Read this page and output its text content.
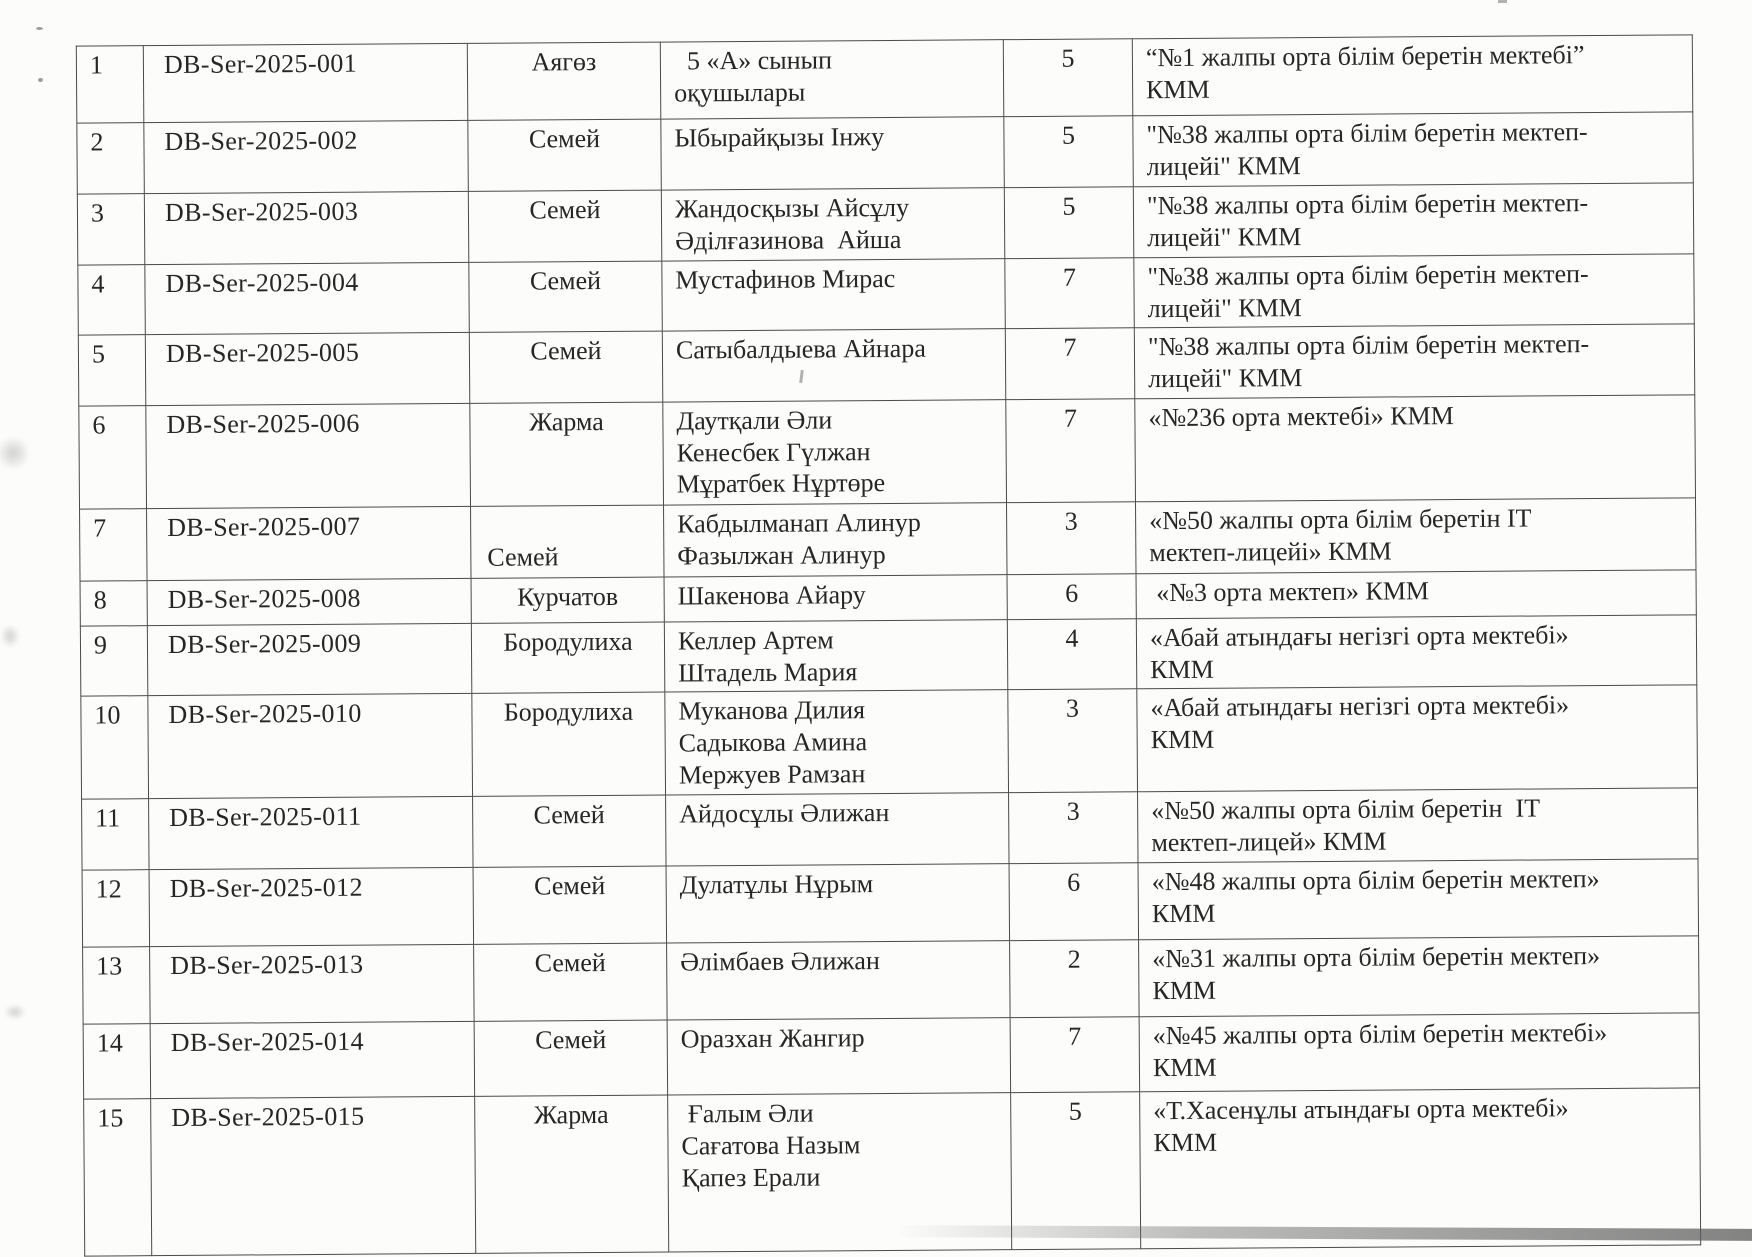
1	DB-Ser-2025-001	Аягөз	5 «А» сынып
оқушылары	5	“№1 жалпы орта білім беретін мектебі”
КММ
2	DB-Ser-2025-002	Семей	Ыбырайқызы Інжу	5	"№38 жалпы орта білім беретін мектеп-
лицейі" КММ
3	DB-Ser-2025-003	Семей	Жандосқызы Айсұлу
Әділғазинова  Айша	5	"№38 жалпы орта білім беретін мектеп-
лицейі" КММ
4	DB-Ser-2025-004	Семей	Мустафинов Мирас	7	"№38 жалпы орта білім беретін мектеп-
лицейі" КММ
5	DB-Ser-2025-005	Семей	Сатыбалдыева Айнара	7	"№38 жалпы орта білім беретін мектеп-
лицейі" КММ
6	DB-Ser-2025-006	Жарма	Даутқали Әли
Кенесбек Гүлжан
Мұратбек Нұртөре	7	«№236 орта мектебі» КММ
7	DB-Ser-2025-007	Семей	Кабдылманап Алинур
Фазылжан Алинур	3	«№50 жалпы орта білім беретін IT
мектеп-лицейі» КММ
8	DB-Ser-2025-008	Курчатов	Шакенова Айару	6	«№3 орта мектеп» КММ
9	DB-Ser-2025-009	Бородулиха	Келлер Артем
Штадель Мария	4	«Абай атындағы негізгі орта мектебі»
КММ
10	DB-Ser-2025-010	Бородулиха	Муканова Дилия
Садыкова Амина
Мержуев Рамзан	3	«Абай атындағы негізгі орта мектебі»
КММ
11	DB-Ser-2025-011	Семей	Айдосұлы Әлижан	3	«№50 жалпы орта білім беретін  IT
мектеп-лицей» КММ
12	DB-Ser-2025-012	Семей	Дулатұлы Нұрым	6	«№48 жалпы орта білім беретін мектеп»
КММ
13	DB-Ser-2025-013	Семей	Әлімбаев Әлижан	2	«№31 жалпы орта білім беретін мектеп»
КММ
14	DB-Ser-2025-014	Семей	Оразхан Жангир	7	«№45 жалпы орта білім беретін мектебі»
КММ
15	DB-Ser-2025-015	Жарма	Ғалым Әли
Сағатова Назым
Қапез Ерали	5	«Т.Хасенұлы атындағы орта мектебі»
КММ
